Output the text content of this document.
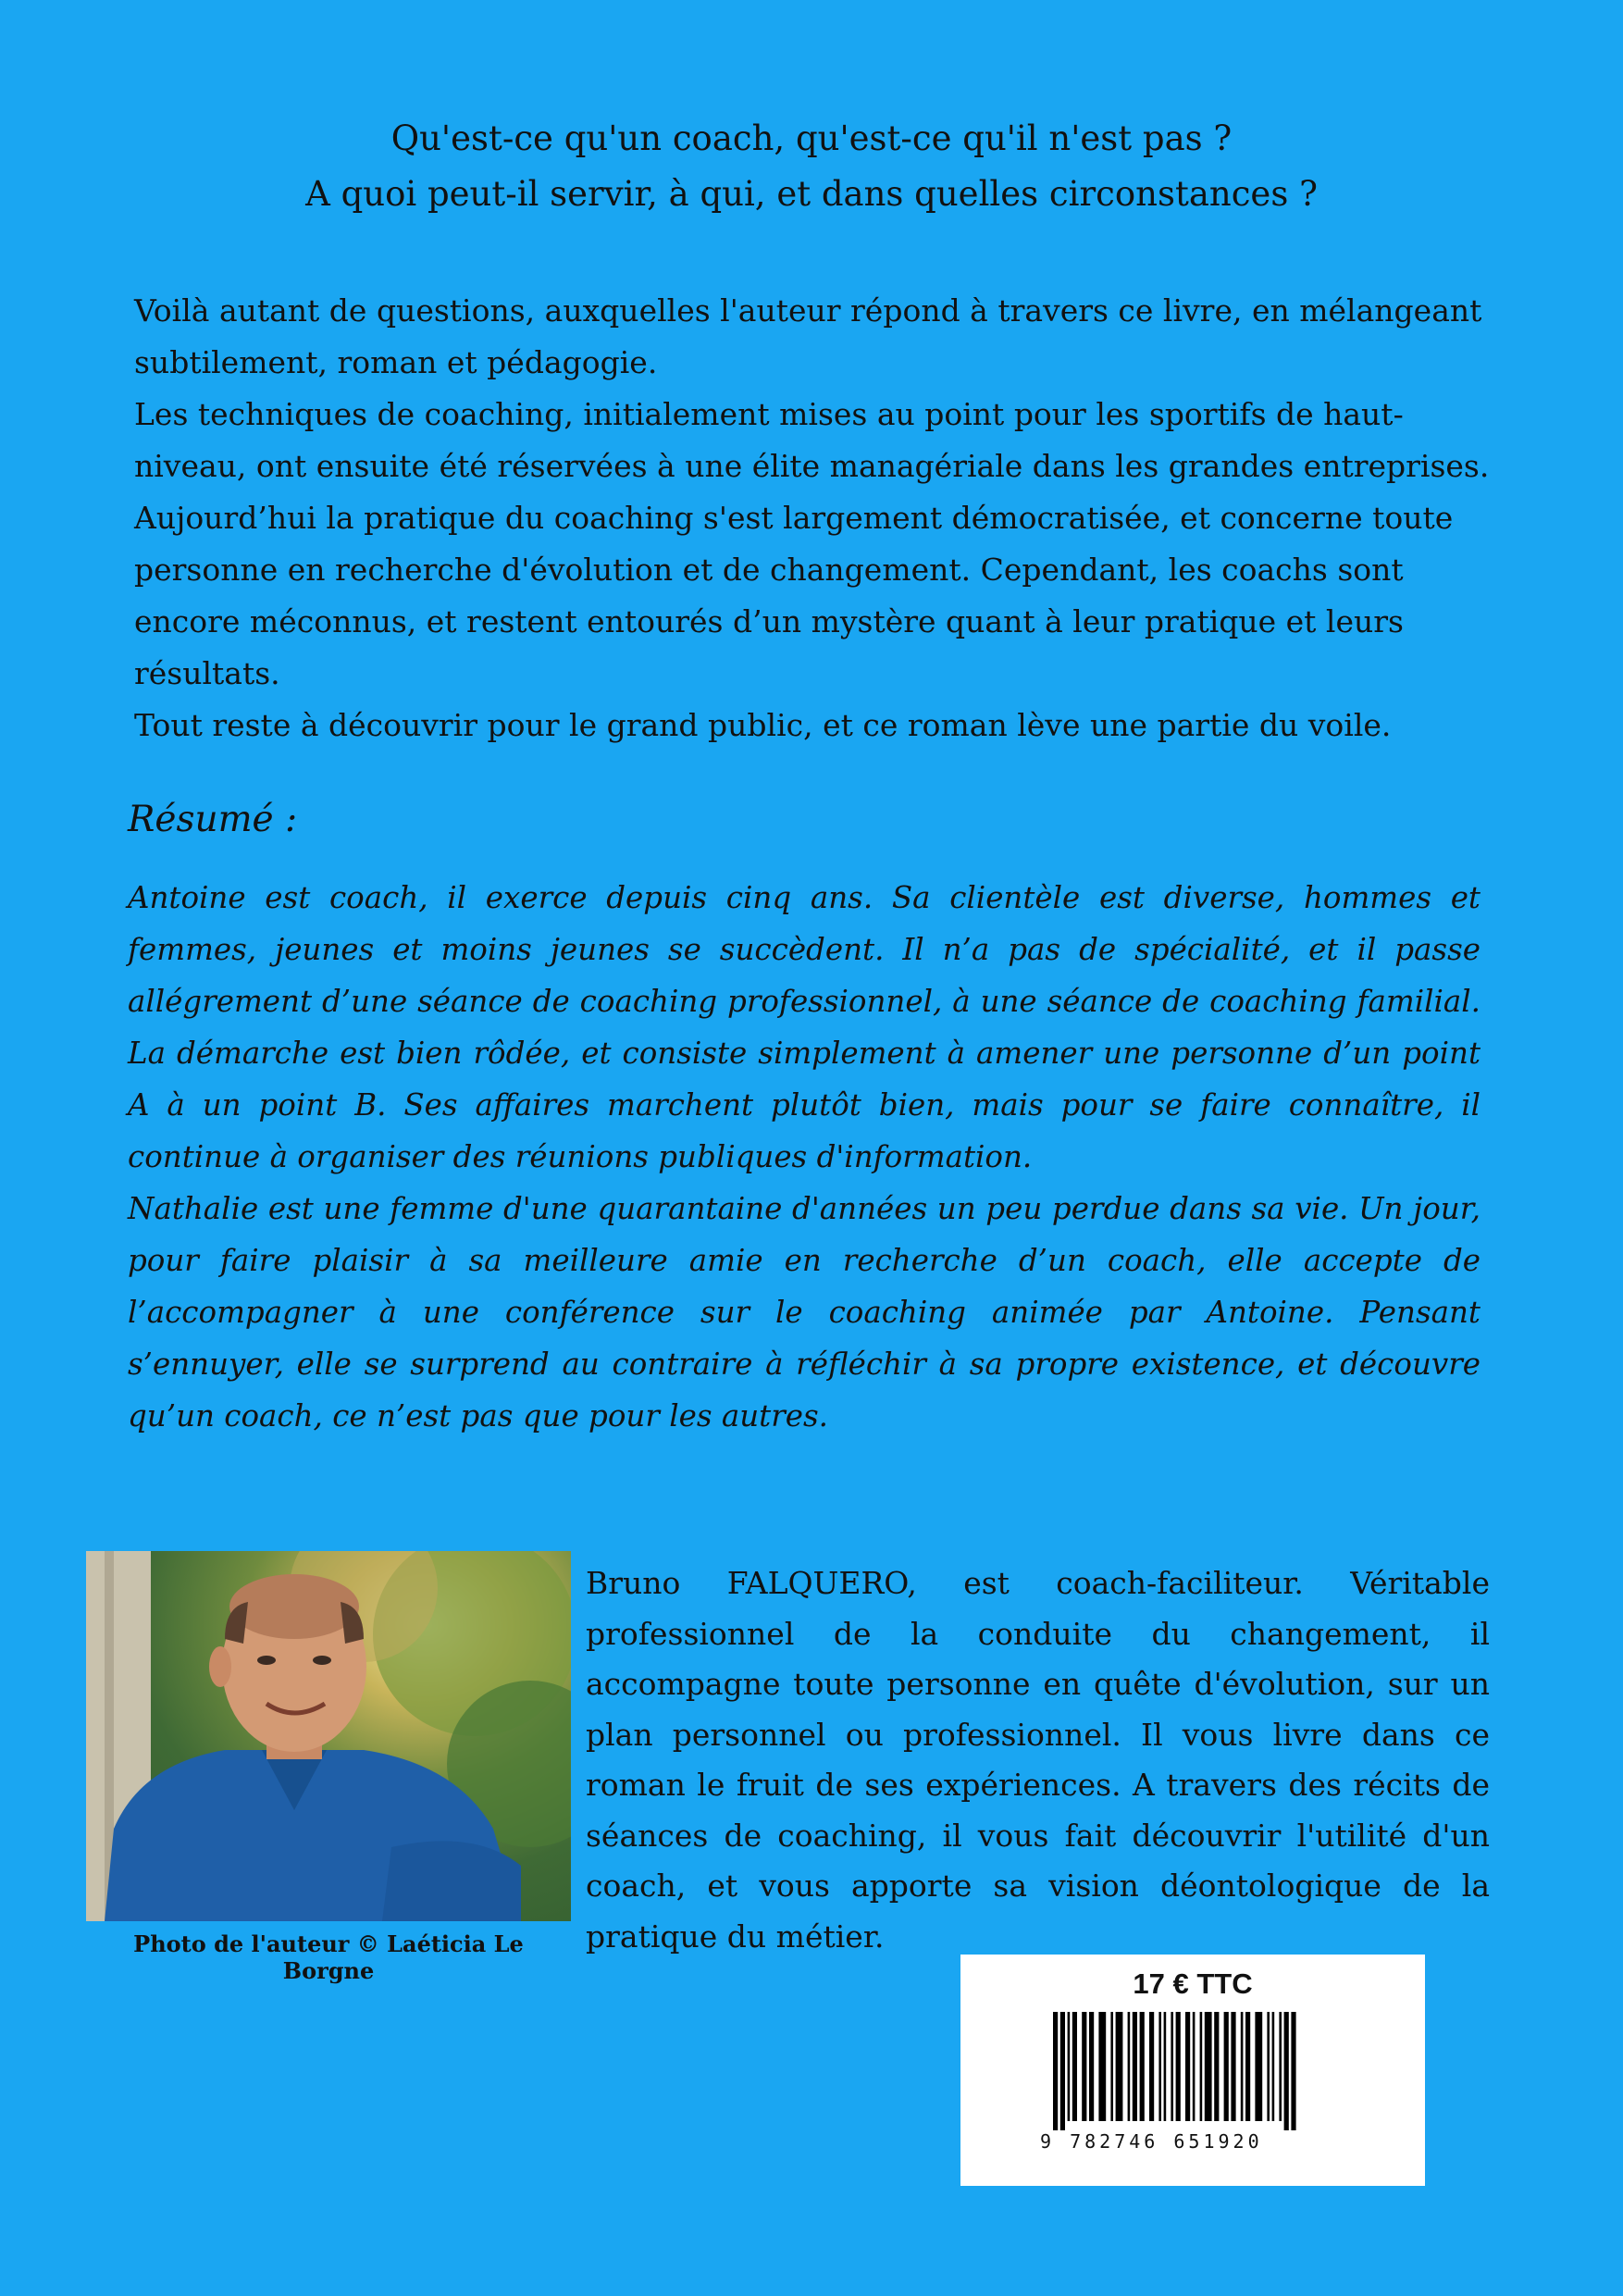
Qu'est-ce qu'un coach, qu'est-ce qu'il n'est pas ?
A quoi peut-il servir, à qui, et dans quelles circonstances ?

Voilà autant de questions, auxquelles l'auteur répond à travers ce livre, en mélangeant subtilement, roman et pédagogie.

Les techniques de coaching, initialement mises au point pour les sportifs de haut-niveau, ont ensuite été réservées à une élite managériale dans les grandes entreprises.

Aujourd’hui la pratique du coaching s'est largement démocratisée, et concerne toute personne en recherche d'évolution et de changement. Cependant, les coachs sont encore méconnus, et restent entourés d’un mystère quant à leur pratique et leurs résultats.

Tout reste à découvrir pour le grand public, et ce roman lève une partie du voile.

Résumé :

Antoine est coach, il exerce depuis cinq ans. Sa clientèle est diverse, hommes et femmes, jeunes et moins jeunes se succèdent. Il n’a pas de spécialité, et il passe allégrement d’une séance de coaching professionnel, à une séance de coaching familial. La démarche est bien rôdée, et consiste simplement à amener une personne d’un point A à un point B. Ses affaires marchent plutôt bien, mais pour se faire connaître, il continue à organiser des réunions publiques d'information.

Nathalie est une femme d'une quarantaine d'années un peu perdue dans sa vie. Un jour, pour faire plaisir à sa meilleure amie en recherche d’un coach, elle accepte de l’accompagner à une conférence sur le coaching animée par Antoine. Pensant s’ennuyer, elle se surprend au contraire à réfléchir à sa propre existence, et découvre qu’un coach, ce n’est pas que pour les autres.

Photo de l'auteur © Laéticia Le Borgne

Bruno FALQUERO, est coach-faciliteur. Véritable professionnel de la conduite du changement, il accompagne toute personne en quête d'évolution, sur un plan personnel ou professionnel. Il vous livre dans ce roman le fruit de ses expériences. A travers des récits de séances de coaching, il vous fait découvrir l'utilité d'un coach, et vous apporte sa vision déontologique de la pratique du métier.

17 € TTC
9 782746 651920
